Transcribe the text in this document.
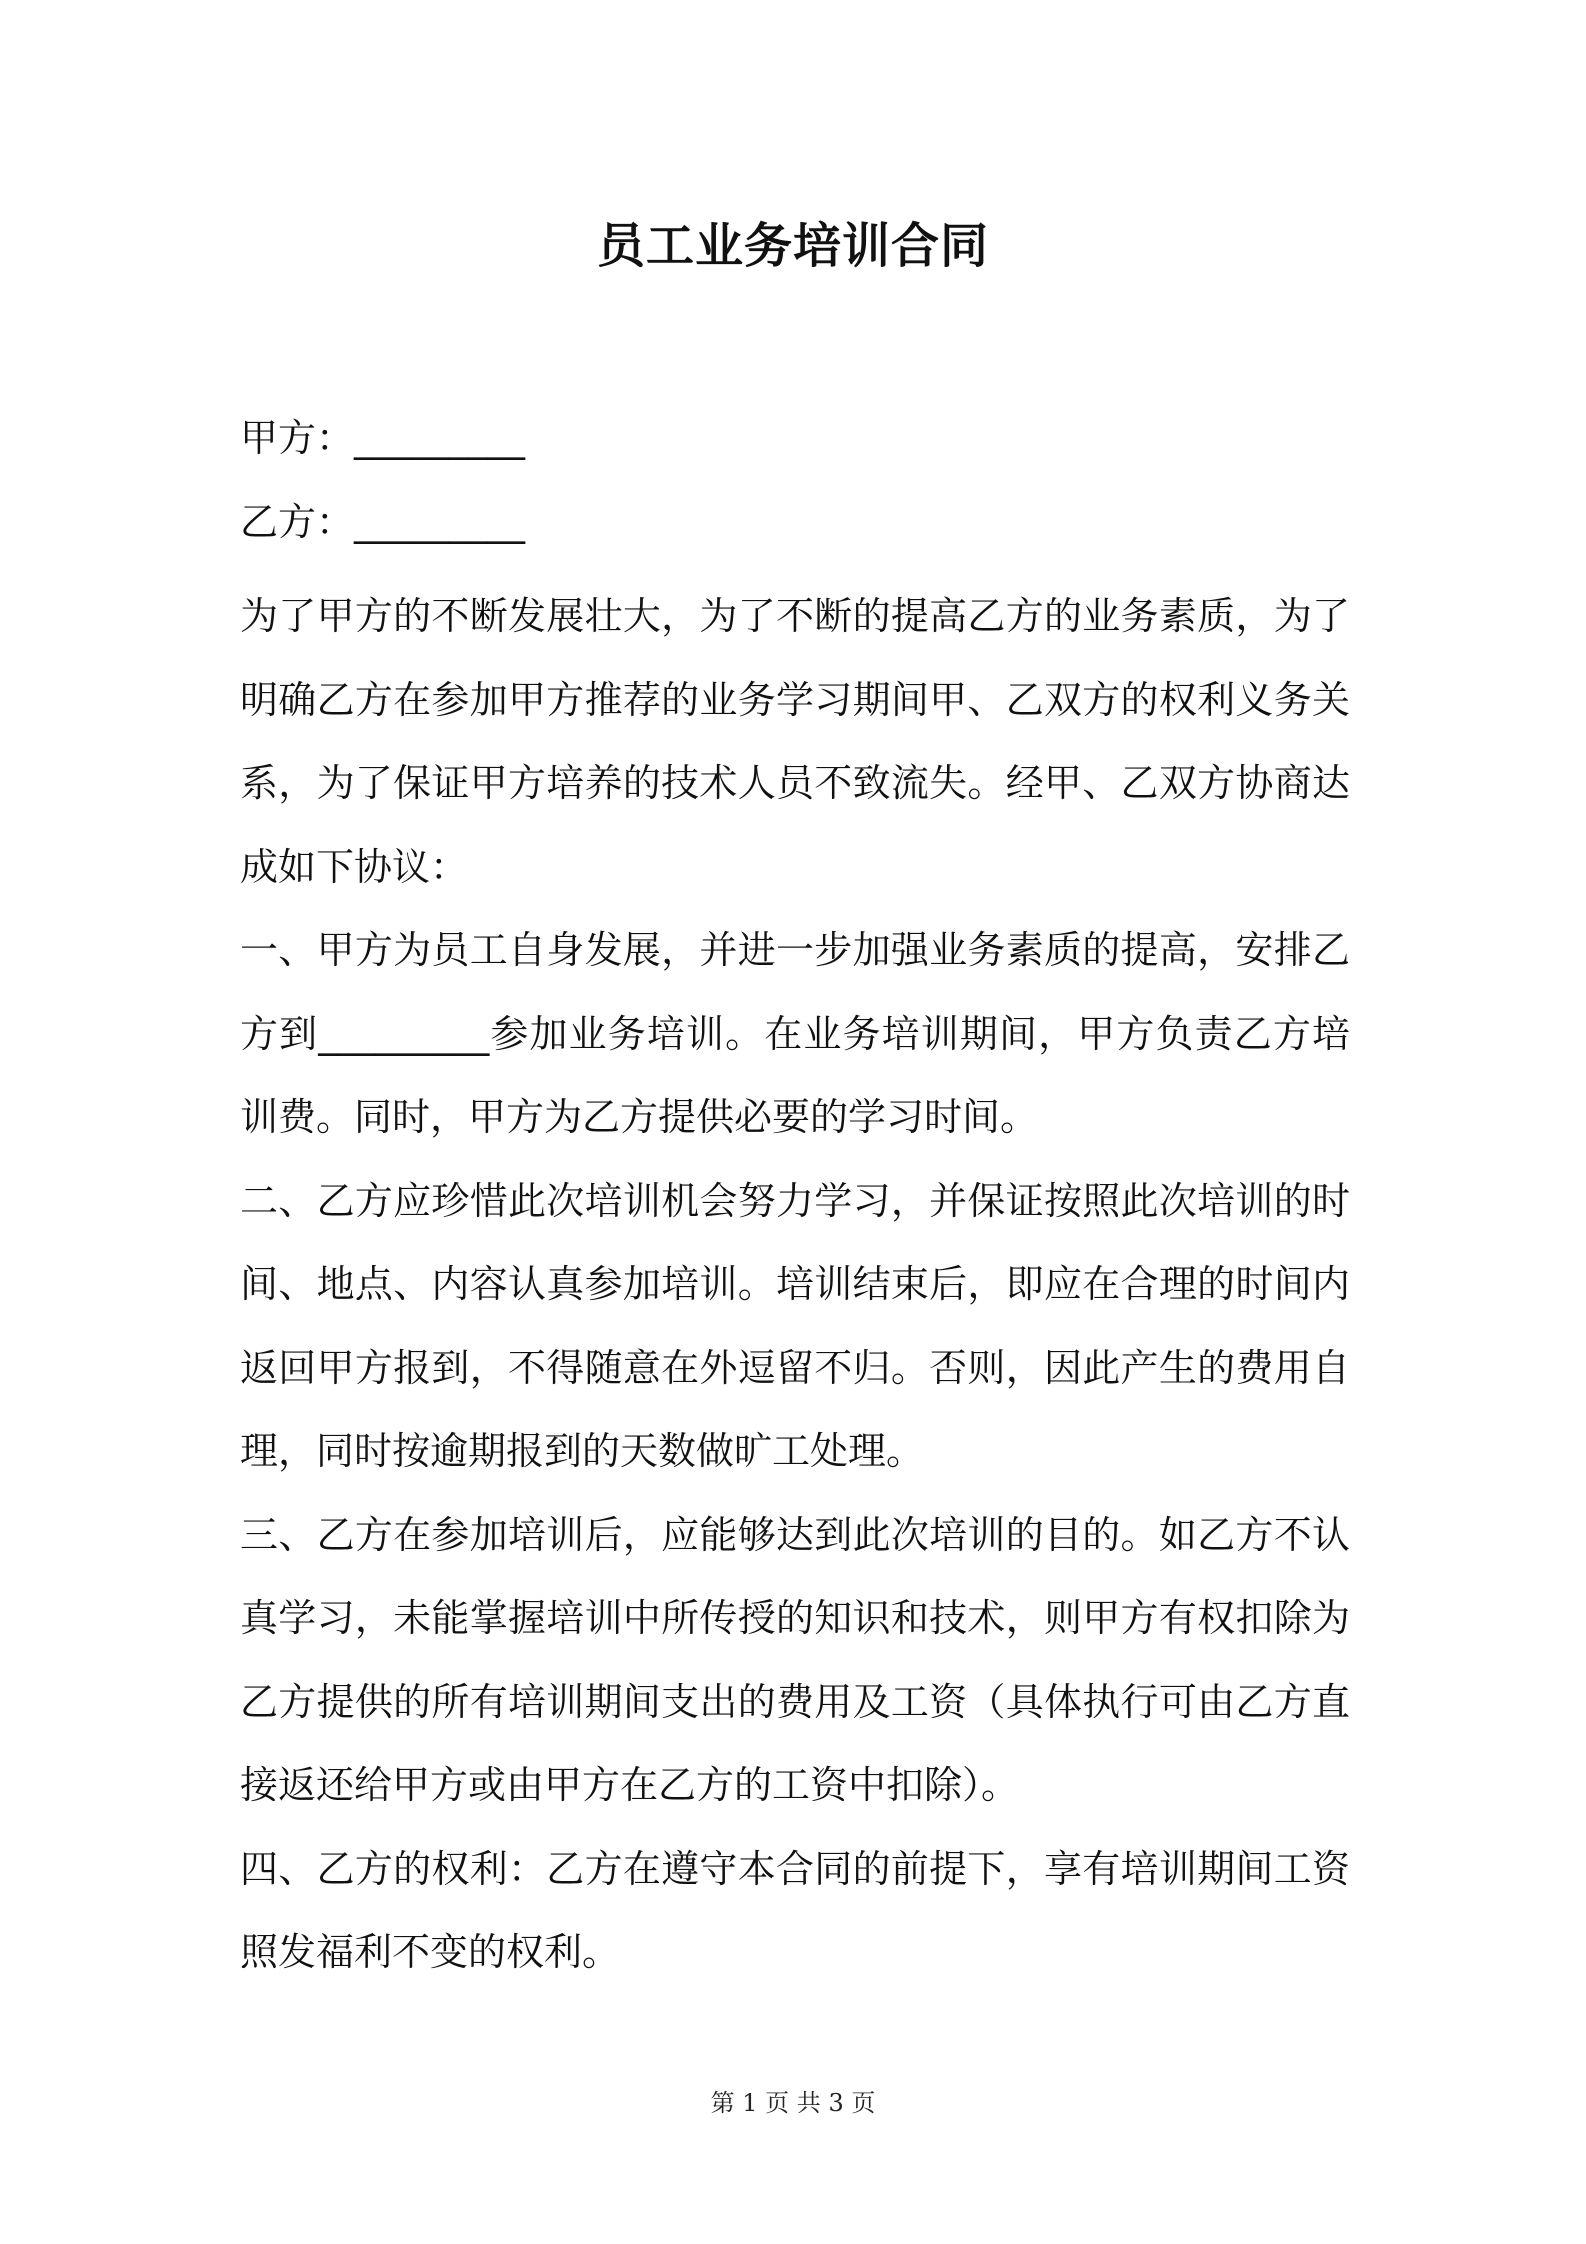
员工业务培训合同
甲方：_________
乙方：_________

为了甲方的不断发展壮大，为了不断的提高乙方的业务素质，为了明确乙方在参加甲方推荐的业务学习期间甲、乙双方的权利义务关系，为了保证甲方培养的技术人员不致流失。经甲、乙双方协商达成如下协议：

一、甲方为员工自身发展，并进一步加强业务素质的提高，安排乙方到_________参加业务培训。在业务培训期间，甲方负责乙方培训费。同时，甲方为乙方提供必要的学习时间。

二、乙方应珍惜此次培训机会努力学习，并保证按照此次培训的时间、地点、内容认真参加培训。培训结束后，即应在合理的时间内返回甲方报到，不得随意在外逗留不归。否则，因此产生的费用自理，同时按逾期报到的天数做旷工处理。

三、乙方在参加培训后，应能够达到此次培训的目的。如乙方不认真学习，未能掌握培训中所传授的知识和技术，则甲方有权扣除为乙方提供的所有培训期间支出的费用及工资（具体执行可由乙方直接返还给甲方或由甲方在乙方的工资中扣除）。

四、乙方的权利：乙方在遵守本合同的前提下，享有培训期间工资照发福利不变的权利。

第 1 页 共 3 页
